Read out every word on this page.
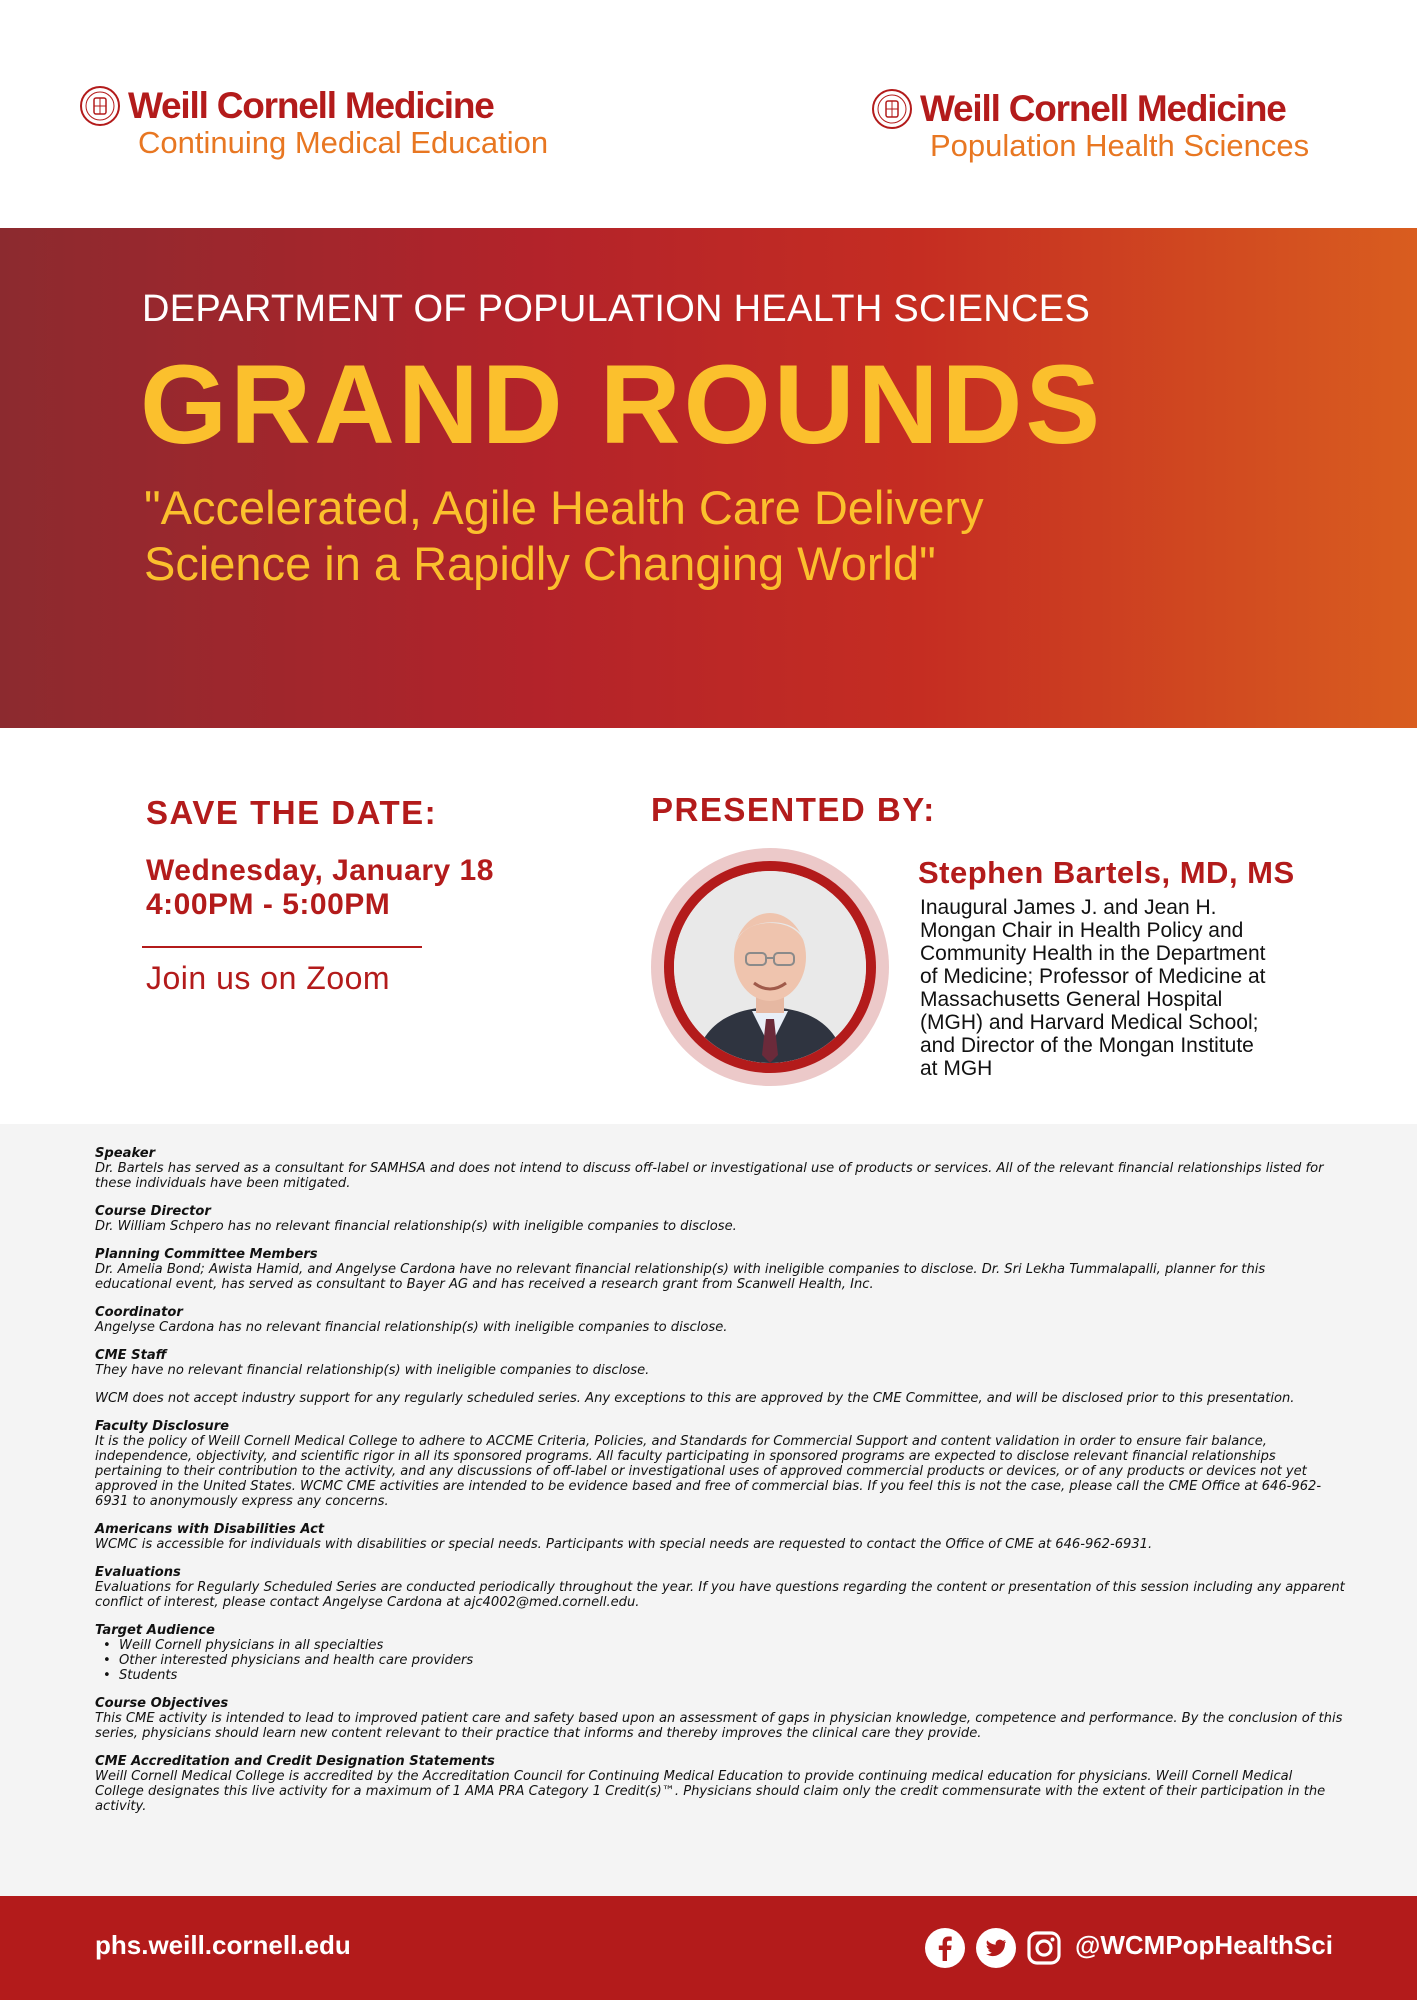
Weill Cornell Medicine
Continuing Medical Education
Weill Cornell Medicine
Population Health Sciences
DEPARTMENT OF POPULATION HEALTH SCIENCES
GRAND ROUNDS
"Accelerated, Agile Health Care Delivery
Science in a Rapidly Changing World"
SAVE THE DATE:
Wednesday, January 18
4:00PM - 5:00PM
Join us on Zoom
PRESENTED BY:
Stephen Bartels, MD, MS
Inaugural James J. and Jean H.
Mongan Chair in Health Policy and
Community Health in the Department
of Medicine; Professor of Medicine at
Massachusetts General Hospital
(MGH) and Harvard Medical School;
and Director of the Mongan Institute
at MGH
Speaker
Dr. Bartels has served as a consultant for SAMHSA and does not intend to discuss off-label or investigational use of products or services. All of the relevant financial relationships listed for these individuals have been mitigated.
Course Director
Dr. William Schpero has no relevant financial relationship(s) with ineligible companies to disclose.
Planning Committee Members
Dr. Amelia Bond; Awista Hamid, and Angelyse Cardona have no relevant financial relationship(s) with ineligible companies to disclose. Dr. Sri Lekha Tummalapalli, planner for this educational event, has served as consultant to Bayer AG and has received a research grant from Scanwell Health, Inc.
Coordinator
Angelyse Cardona has no relevant financial relationship(s) with ineligible companies to disclose.
CME Staff
They have no relevant financial relationship(s) with ineligible companies to disclose.
WCM does not accept industry support for any regularly scheduled series. Any exceptions to this are approved by the CME Committee, and will be disclosed prior to this presentation.
Faculty Disclosure
It is the policy of Weill Cornell Medical College to adhere to ACCME Criteria, Policies, and Standards for Commercial Support and content validation in order to ensure fair balance, independence, objectivity, and scientific rigor in all its sponsored programs. All faculty participating in sponsored programs are expected to disclose relevant financial relationships pertaining to their contribution to the activity, and any discussions of off-label or investigational uses of approved commercial products or devices, or of any products or devices not yet approved in the United States. WCMC CME activities are intended to be evidence based and free of commercial bias. If you feel this is not the case, please call the CME Office at 646-962-6931 to anonymously express any concerns.
Americans with Disabilities Act
WCMC is accessible for individuals with disabilities or special needs. Participants with special needs are requested to contact the Office of CME at 646-962-6931.
Evaluations
Evaluations for Regularly Scheduled Series are conducted periodically throughout the year. If you have questions regarding the content or presentation of this session including any apparent conflict of interest, please contact Angelyse Cardona at ajc4002@med.cornell.edu.
Target Audience
• Weill Cornell physicians in all specialties
• Other interested physicians and health care providers
• Students
Course Objectives
This CME activity is intended to lead to improved patient care and safety based upon an assessment of gaps in physician knowledge, competence and performance. By the conclusion of this series, physicians should learn new content relevant to their practice that informs and thereby improves the clinical care they provide.
CME Accreditation and Credit Designation Statements
Weill Cornell Medical College is accredited by the Accreditation Council for Continuing Medical Education to provide continuing medical education for physicians. Weill Cornell Medical College designates this live activity for a maximum of 1 AMA PRA Category 1 Credit(s)™. Physicians should claim only the credit commensurate with the extent of their participation in the activity.
phs.weill.cornell.edu	@WCMPopHealthSci
